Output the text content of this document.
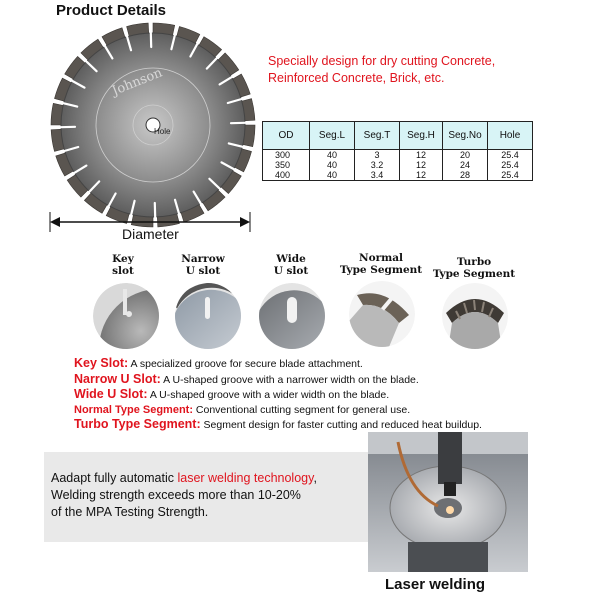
Product Details
Johnson
Hole
Diameter
Specially design for dry cutting Concrete,
Reinforced Concrete, Brick, etc.
OD	Seg.L	Seg.T	Seg.H	Seg.No	Hole
300	40	3	12	20	25.4
350	40	3.2	12	24	25.4
400	40	3.4	12	28	25.4
Key
slot
Narrow
U slot
Wide
U slot
Normal
Type Segment
Turbo
Type Segment
Key Slot: A specialized groove for secure blade attachment.
Narrow U Slot: A U-shaped groove with a narrower width on the blade.
Wide U Slot: A U-shaped groove with a wider width on the blade.
Normal Type Segment: Conventional cutting segment for general use.
Turbo Type Segment: Segment design for faster cutting and reduced heat buildup.
Aadapt fully automatic laser welding technology,
Welding strength exceeds more than 10-20%
of the MPA Testing Strength.
Laser welding
